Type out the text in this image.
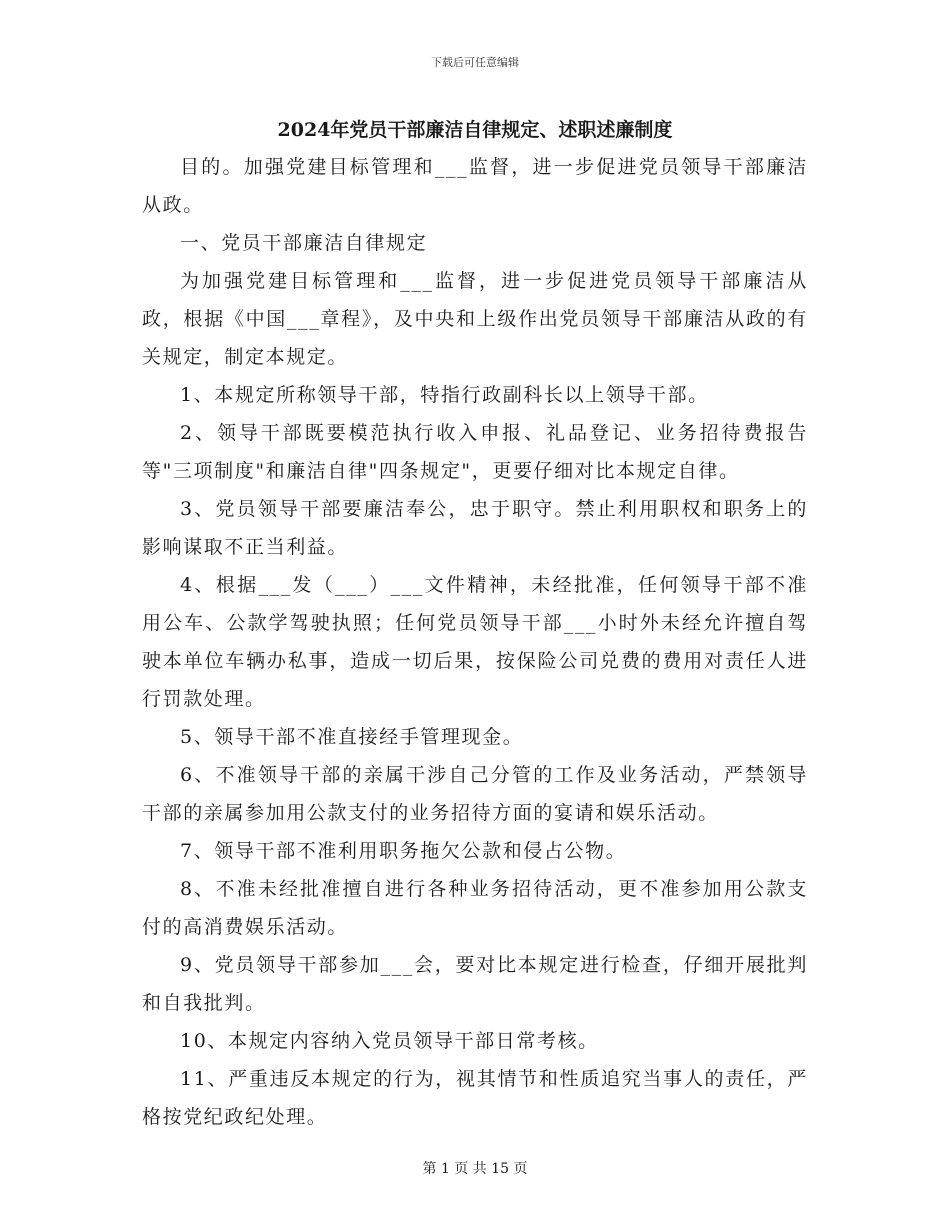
下载后可任意编辑
2024年党员干部廉洁自律规定、述职述廉制度

目的。加强党建目标管理和___监督，进一步促进党员领导干部廉洁从政。

一、党员干部廉洁自律规定

为加强党建目标管理和___监督，进一步促进党员领导干部廉洁从政，根据《中国___章程》，及中央和上级作出党员领导干部廉洁从政的有关规定，制定本规定。

1、本规定所称领导干部，特指行政副科长以上领导干部。

2、领导干部既要模范执行收入申报、礼品登记、业务招待费报告等"三项制度"和廉洁自律"四条规定"，更要仔细对比本规定自律。

3、党员领导干部要廉洁奉公，忠于职守。禁止利用职权和职务上的影响谋取不正当利益。

4、根据___发（___）___文件精神，未经批准，任何领导干部不准用公车、公款学驾驶执照；任何党员领导干部___小时外未经允许擅自驾驶本单位车辆办私事，造成一切后果，按保险公司兑费的费用对责任人进行罚款处理。

5、领导干部不准直接经手管理现金。

6、不准领导干部的亲属干涉自己分管的工作及业务活动，严禁领导干部的亲属参加用公款支付的业务招待方面的宴请和娱乐活动。

7、领导干部不准利用职务拖欠公款和侵占公物。

8、不准未经批准擅自进行各种业务招待活动，更不准参加用公款支付的高消费娱乐活动。

9、党员领导干部参加___会，要对比本规定进行检查，仔细开展批判和自我批判。

10、本规定内容纳入党员领导干部日常考核。

11、严重违反本规定的行为，视其情节和性质追究当事人的责任，严格按党纪政纪处理。

第 1 页 共 15 页
